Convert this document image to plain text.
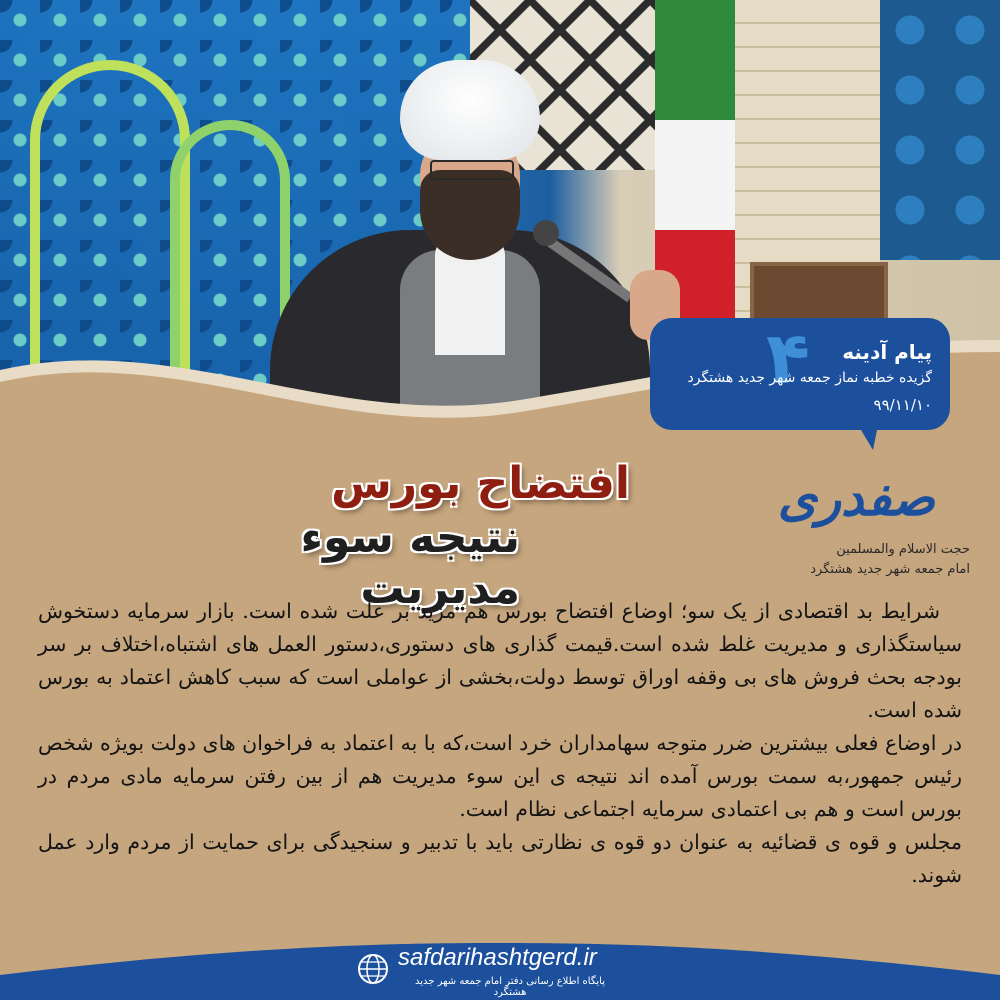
۴ پیام آدینه
گزیده خطبه نماز جمعه شهر جدید هشتگرد
۹۹/۱۱/۱۰
افتضاح بورس
نتیجه سوء مدیریت
صفدری
حجت الاسلام والمسلمین
امام جمعه شهر جدید هشتگرد

شرایط بد اقتصادی از یک سو؛ اوضاع افتضاح بورس هم مزید بر علت شده است. بازار سرمایه دستخوش سیاستگذاری و مدیریت غلط شده است.قیمت گذاری های دستوری،دستور العمل های اشتباه،اختلاف بر سر بودجه بحث فروش های بی وقفه اوراق توسط دولت،بخشی از عواملی است که سبب کاهش اعتماد به بورس شده است.

در اوضاع فعلی بیشترین ضرر متوجه سهامداران خرد است،که با به اعتماد به فراخوان های دولت بویژه شخص رئیس جمهور،به سمت بورس آمده اند نتیجه ی این سوء مدیریت هم از بین رفتن سرمایه مادی مردم در بورس است و هم بی اعتمادی سرمایه اجتماعی نظام است.

مجلس و قوه ی قضائیه به عنوان دو قوه ی نظارتی باید با تدبیر و سنجیدگی برای حمایت از مردم وارد عمل شوند.

safdarihashtgerd.ir
پایگاه اطلاع رسانی دفتر امام جمعه شهر جدید هشتگرد
